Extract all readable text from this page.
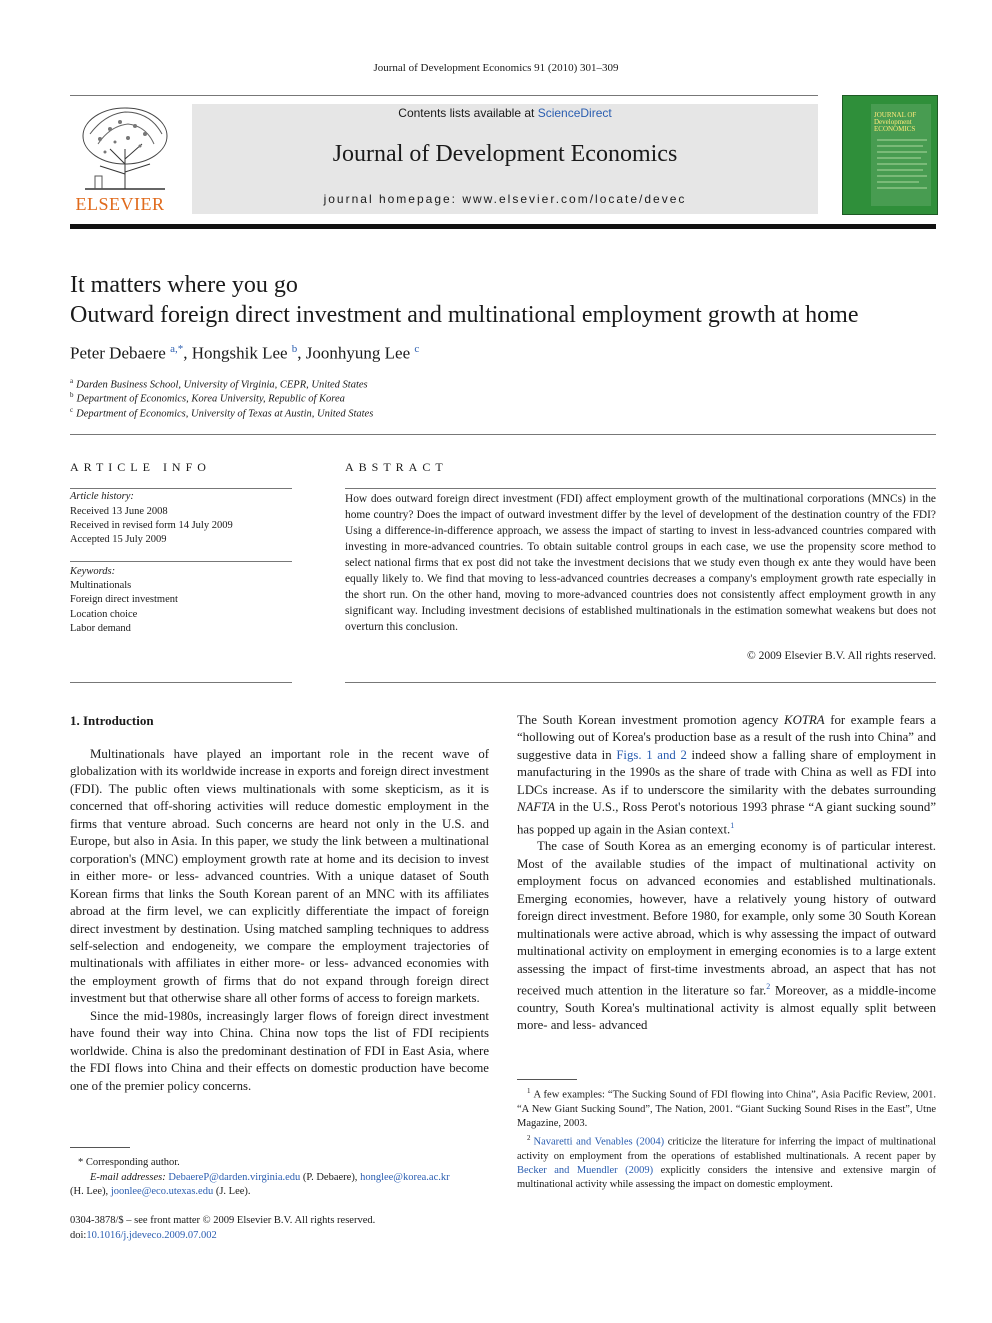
Journal of Development Economics 91 (2010) 301–309
ELSEVIER
Contents lists available at ScienceDirect
Journal of Development Economics
journal homepage: www.elsevier.com/locate/devec
JOURNAL OF Development ECONOMICS
It matters where you go
Outward foreign direct investment and multinational employment growth at home
Peter Debaere $^{a,*}$, Hongshik Lee $^b$, Joonhyung Lee $^c$
$^a$ Darden Business School, University of Virginia, CEPR, United States
$^b$ Department of Economics, Korea University, Republic of Korea
$^c$ Department of Economics, University of Texas at Austin, United States
ARTICLE INFO
Article history:
Received 13 June 2008
Received in revised form 14 July 2009
Accepted 15 July 2009
Keywords:
Multinationals
Foreign direct investment
Location choice
Labor demand
ABSTRACT
How does outward foreign direct investment (FDI) affect employment growth of the multinational corporations (MNCs) in the home country? Does the impact of outward investment differ by the level of development of the destination country of the FDI? Using a difference-in-difference approach, we assess the impact of starting to invest in less-advanced countries compared with investing in more-advanced countries. To obtain suitable control groups in each case, we use the propensity score method to select national firms that ex post did not take the investment decisions that we study even though ex ante they would have been equally likely to. We find that moving to less-advanced countries decreases a company's employment growth rate especially in the short run. On the other hand, moving to more-advanced countries does not consistently affect employment growth in any significant way. Including investment decisions of established multinationals in the estimation somewhat weakens but does not overturn this conclusion.
© 2009 Elsevier B.V. All rights reserved.
1. Introduction

Multinationals have played an important role in the recent wave of globalization with its worldwide increase in exports and foreign direct investment (FDI). The public often views multinationals with some skepticism, as it is concerned that off-shoring activities will reduce domestic employment in the firms that venture abroad. Such concerns are heard not only in the U.S. and Europe, but also in Asia. In this paper, we study the link between a multinational corporation's (MNC) employment growth rate at home and its decision to invest in either more- or less- advanced countries. With a unique dataset of South Korean firms that links the South Korean parent of an MNC with its affiliates abroad at the firm level, we can explicitly differentiate the impact of foreign direct investment by destination. Using matched sampling techniques to address self-selection and endogeneity, we compare the employment trajectories of multinationals with affiliates in either more- or less- advanced economies with the employment growth of firms that do not expand through foreign direct investment but that otherwise share all other forms of access to foreign markets.

Since the mid-1980s, increasingly larger flows of foreign direct investment have found their way into China. China now tops the list of FDI recipients worldwide. China is also the predominant destination of FDI in East Asia, where the FDI flows into China and their effects on domestic production have become one of the premier policy concerns.

The South Korean investment promotion agency KOTRA for example fears a “hollowing out of Korea's production base as a result of the rush into China” and suggestive data in Figs. 1 and 2 indeed show a falling share of employment in manufacturing in the 1990s as the share of trade with China as well as FDI into LDCs increase. As if to underscore the similarity with the debates surrounding NAFTA in the U.S., Ross Perot's notorious 1993 phrase “A giant sucking sound” has popped up again in the Asian context.$^1$

The case of South Korea as an emerging economy is of particular interest. Most of the available studies of the impact of multinational activity on employment focus on advanced economies and established multinationals. Emerging economies, however, have a relatively young history of outward foreign direct investment. Before 1980, for example, only some 30 South Korean multinationals were active abroad, which is why assessing the impact of outward multinational activity on employment in emerging economies is to a large extent assessing the impact of first-time investments abroad, an aspect that has not received much attention in the literature so far.$^2$ Moreover, as a middle-income country, South Korea's multinational activity is almost equally split between more- and less- advanced

* Corresponding author.
E-mail addresses: DebaereP@darden.virginia.edu (P. Debaere), honglee@korea.ac.kr
(H. Lee), joonlee@eco.utexas.edu (J. Lee).
0304-3878/$ – see front matter © 2009 Elsevier B.V. All rights reserved.
doi:10.1016/j.jdeveco.2009.07.002

$^1$ A few examples: “The Sucking Sound of FDI flowing into China”, Asia Pacific Review, 2001. “A New Giant Sucking Sound”, The Nation, 2001. “Giant Sucking Sound Rises in the East”, Utne Magazine, 2003.

$^2$ Navaretti and Venables (2004) criticize the literature for inferring the impact of multinational activity on employment from the operations of established multinationals. A recent paper by Becker and Muendler (2009) explicitly considers the intensive and extensive margin of multinational activity while assessing the impact on domestic employment.
